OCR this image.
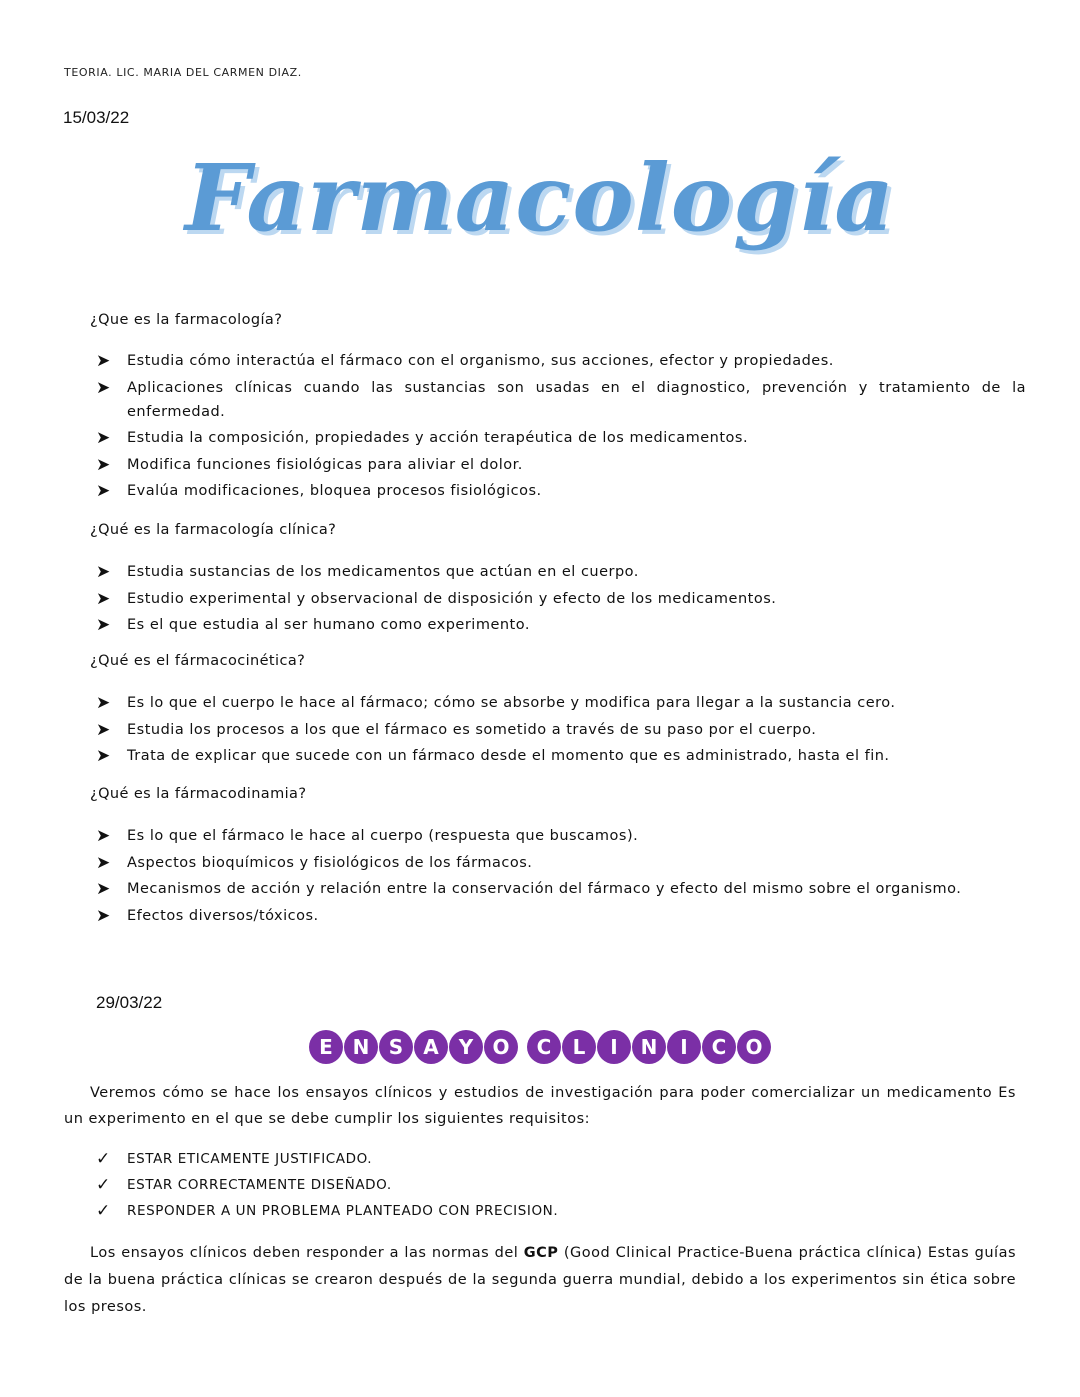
TEORIA. LIC. MARIA DEL CARMEN DIAZ.
15/03/22
Farmacología
¿Que es la farmacología?
➤	Estudia cómo interactúa el fármaco con el organismo, sus acciones, efector y propiedades.
➤	Aplicaciones clínicas cuando las sustancias son usadas en el diagnostico, prevención y tratamiento de la enfermedad.
➤	Estudia la composición, propiedades y acción terapéutica de los medicamentos.
➤	Modifica funciones fisiológicas para aliviar el dolor.
➤	Evalúa modificaciones, bloquea procesos fisiológicos.
¿Qué es la farmacología clínica?
➤	Estudia sustancias de los medicamentos que actúan en el cuerpo.
➤	Estudio experimental y observacional de disposición y efecto de los medicamentos.
➤	Es el que estudia al ser humano como experimento.
¿Qué es el fármacocinética?
➤	Es lo que el cuerpo le hace al fármaco; cómo se absorbe y modifica para llegar a la sustancia cero.
➤	Estudia los procesos a los que el fármaco es sometido a través de su paso por el cuerpo.
➤	Trata de explicar que sucede con un fármaco desde el momento que es administrado, hasta el fin.
¿Qué es la fármacodinamia?
➤	Es lo que el fármaco le hace al cuerpo (respuesta que buscamos).
➤	Aspectos bioquímicos y fisiológicos de los fármacos.
➤	Mecanismos de acción y relación entre la conservación del fármaco y efecto del mismo sobre el organismo.
➤	Efectos diversos/tóxicos.
29/03/22
E N S A Y O C L I N I C O
Veremos cómo se hace los ensayos clínicos y estudios de investigación para poder comercializar un medicamento Es un experimento en el que se debe cumplir los siguientes requisitos:
✓ ESTAR ETICAMENTE JUSTIFICADO.
✓ ESTAR CORRECTAMENTE DISEÑADO.
✓ RESPONDER A UN PROBLEMA PLANTEADO CON PRECISION.
Los ensayos clínicos deben responder a las normas del GCP (Good Clinical Practice-Buena práctica clínica) Estas guías de la buena práctica clínicas se crearon después de la segunda guerra mundial, debido a los experimentos sin ética sobre los presos.
